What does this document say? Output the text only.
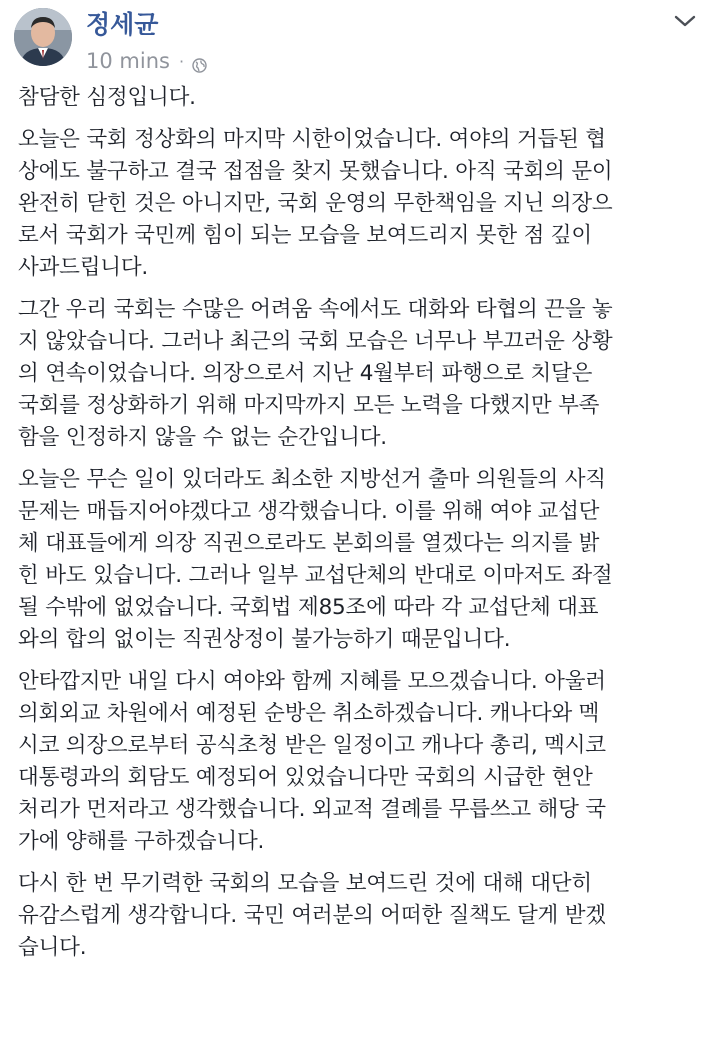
정세균
10 mins ·

참담한 심정입니다.

오늘은 국회 정상화의 마지막 시한이었습니다. 여야의 거듭된 협
상에도 불구하고 결국 접점을 찾지 못했습니다. 아직 국회의 문이
완전히 닫힌 것은 아니지만, 국회 운영의 무한책임을 지닌 의장으
로서 국회가 국민께 힘이 되는 모습을 보여드리지 못한 점 깊이
사과드립니다.

그간 우리 국회는 수많은 어려움 속에서도 대화와 타협의 끈을 놓
지 않았습니다. 그러나 최근의 국회 모습은 너무나 부끄러운 상황
의 연속이었습니다. 의장으로서 지난 4월부터 파행으로 치달은
국회를 정상화하기 위해 마지막까지 모든 노력을 다했지만 부족
함을 인정하지 않을 수 없는 순간입니다.

오늘은 무슨 일이 있더라도 최소한 지방선거 출마 의원들의 사직
문제는 매듭지어야겠다고 생각했습니다. 이를 위해 여야 교섭단
체 대표들에게 의장 직권으로라도 본회의를 열겠다는 의지를 밝
힌 바도 있습니다. 그러나 일부 교섭단체의 반대로 이마저도 좌절
될 수밖에 없었습니다. 국회법 제85조에 따라 각 교섭단체 대표
와의 합의 없이는 직권상정이 불가능하기 때문입니다.

안타깝지만 내일 다시 여야와 함께 지혜를 모으겠습니다. 아울러
의회외교 차원에서 예정된 순방은 취소하겠습니다. 캐나다와 멕
시코 의장으로부터 공식초청 받은 일정이고 캐나다 총리, 멕시코
대통령과의 회담도 예정되어 있었습니다만 국회의 시급한 현안
처리가 먼저라고 생각했습니다. 외교적 결례를 무릅쓰고 해당 국
가에 양해를 구하겠습니다.

다시 한 번 무기력한 국회의 모습을 보여드린 것에 대해 대단히
유감스럽게 생각합니다. 국민 여러분의 어떠한 질책도 달게 받겠
습니다.
